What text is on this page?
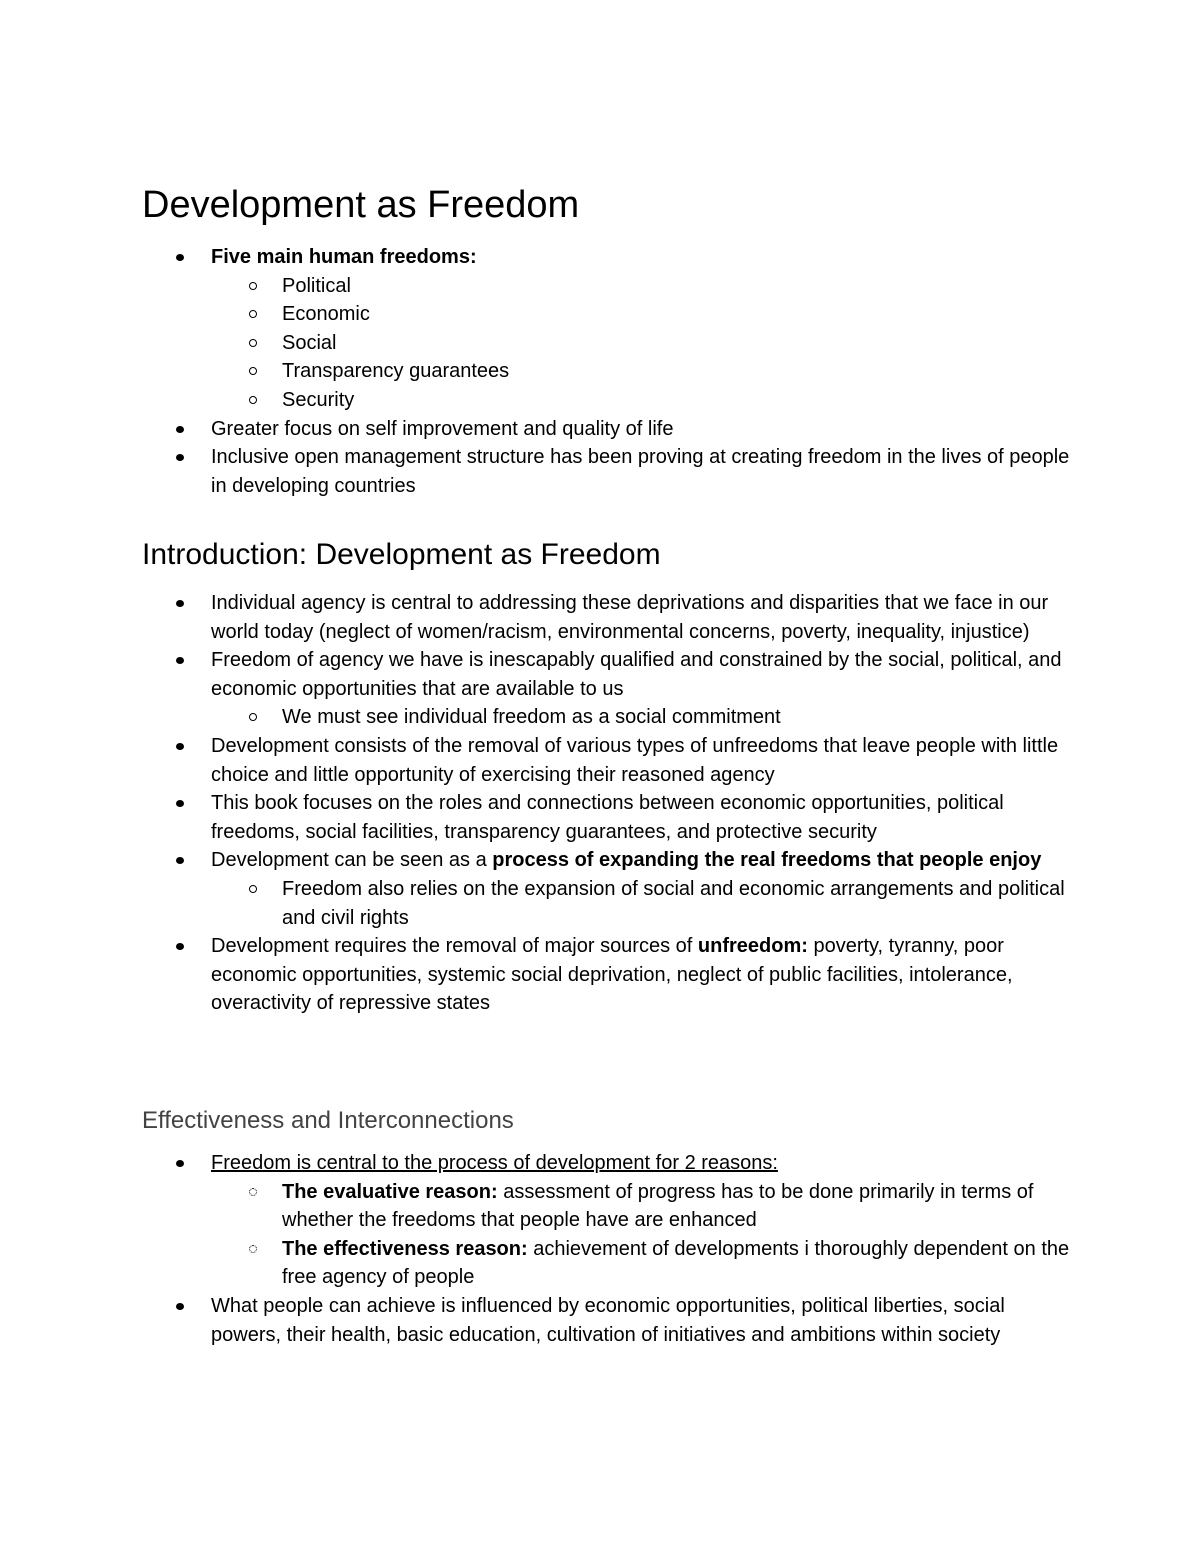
Development as Freedom
Five main human freedoms:
Political
Economic
Social
Transparency guarantees
Security
Greater focus on self improvement and quality of life
Inclusive open management structure has been proving at creating freedom in the lives of people in developing countries
Introduction: Development as Freedom
Individual agency is central to addressing these deprivations and disparities that we face in our world today (neglect of women/racism, environmental concerns, poverty, inequality, injustice)
Freedom of agency we have is inescapably qualified and constrained by the social, political, and economic opportunities that are available to us
We must see individual freedom as a social commitment
Development consists of the removal of various types of unfreedoms that leave people with little choice and little opportunity of exercising their reasoned agency
This book focuses on the roles and connections between economic opportunities, political freedoms, social facilities, transparency guarantees, and protective security
Development can be seen as a process of expanding the real freedoms that people enjoy
Freedom also relies on the expansion of social and economic arrangements and political and civil rights
Development requires the removal of major sources of unfreedom: poverty, tyranny, poor economic opportunities, systemic social deprivation, neglect of public facilities, intolerance, overactivity of repressive states
Effectiveness and Interconnections
Freedom is central to the process of development for 2 reasons:
The evaluative reason: assessment of progress has to be done primarily in terms of whether the freedoms that people have are enhanced
The effectiveness reason: achievement of developments i thoroughly dependent on the free agency of people
What people can achieve is influenced by economic opportunities, political liberties, social powers, their health, basic education, cultivation of initiatives and ambitions within society
